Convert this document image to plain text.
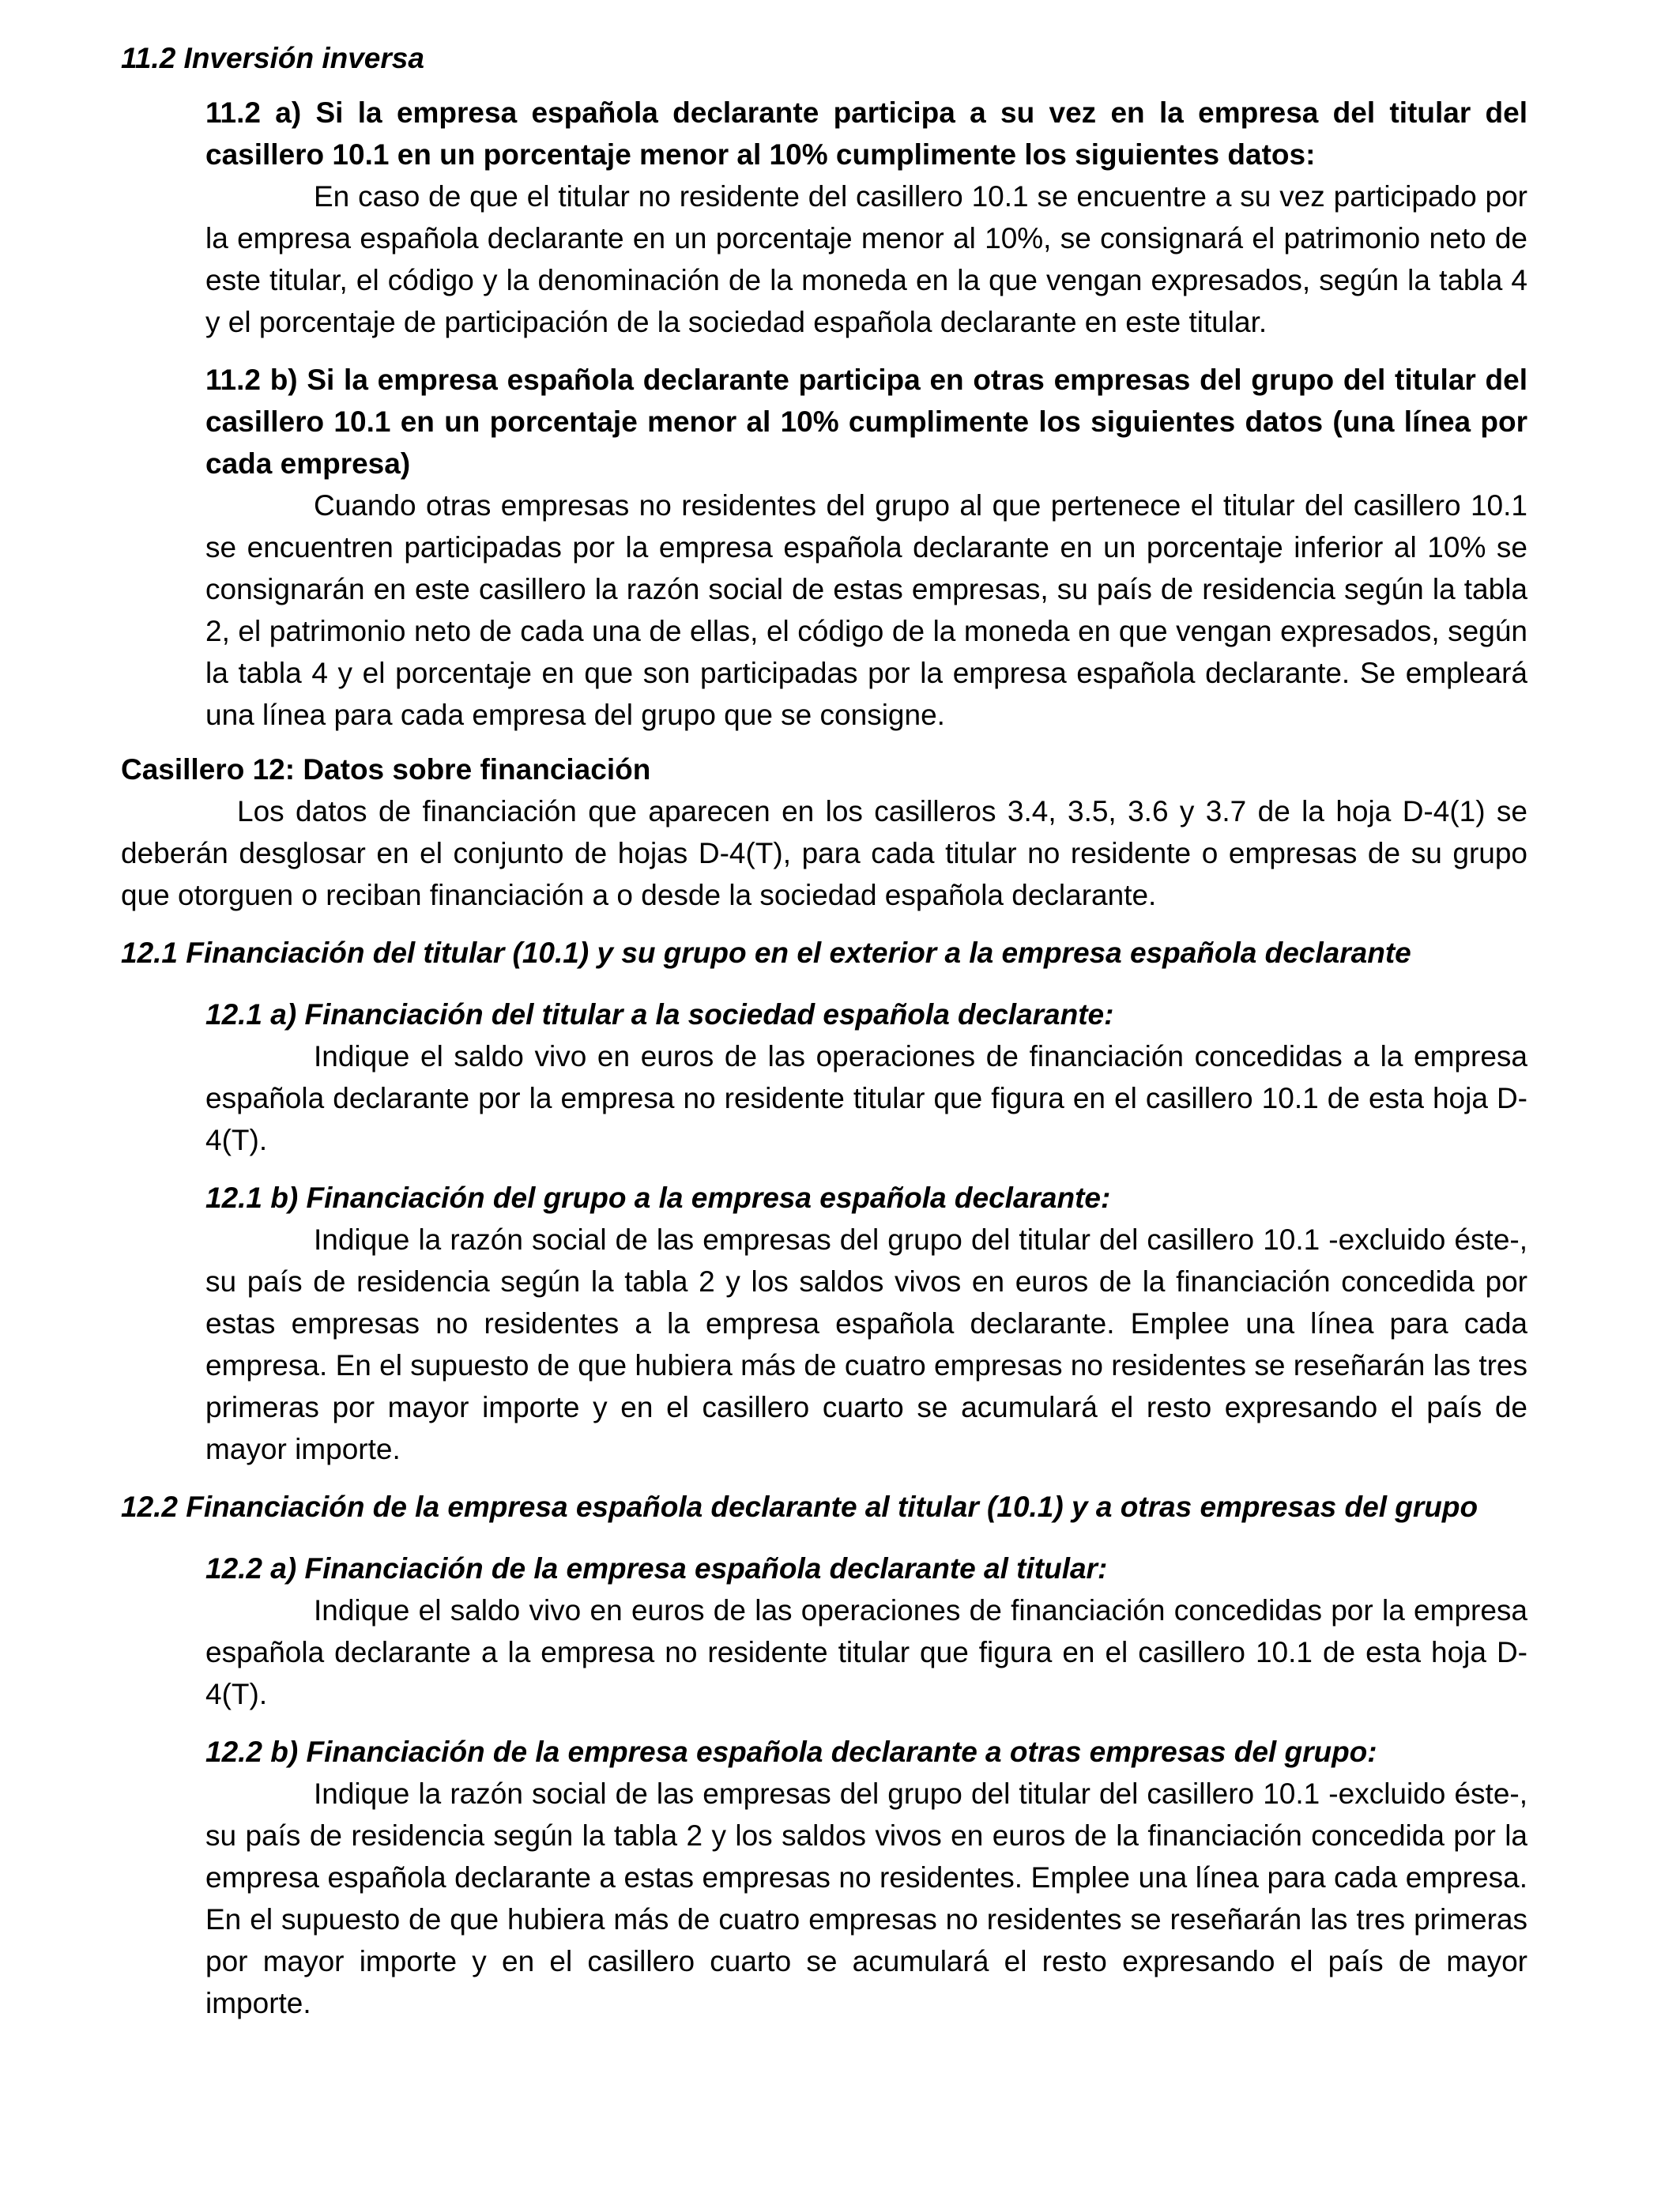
11.2 Inversión inversa

11.2 a) Si la empresa española declarante participa a su vez en la empresa del titular del casillero 10.1 en un porcentaje menor al 10% cumplimente los siguientes datos:

En caso de que el titular no residente del casillero 10.1 se encuentre a su vez participado por la empresa española declarante en un porcentaje menor al 10%, se consignará el patrimonio neto de este titular, el código y la denominación de la moneda en la que vengan expresados, según la tabla 4 y el porcentaje de participación de la sociedad española declarante en este titular.

11.2 b) Si la empresa española declarante participa en otras empresas del grupo del titular del casillero 10.1 en un porcentaje menor al 10% cumplimente los siguientes datos (una línea por cada empresa)

Cuando otras empresas no residentes del grupo al que pertenece el titular del casillero 10.1 se encuentren participadas por la empresa española declarante en un porcentaje inferior al 10% se consignarán en este casillero la razón social de estas empresas, su país de residencia según la tabla 2, el patrimonio neto de cada una de ellas, el código de la moneda en que vengan expresados, según la tabla 4 y el porcentaje en que son participadas por la empresa española declarante. Se empleará una línea para cada empresa del grupo que se consigne.

Casillero 12: Datos sobre financiación

Los datos de financiación que aparecen en los casilleros 3.4, 3.5, 3.6 y 3.7 de la hoja D-4(1) se deberán desglosar en el conjunto de hojas D-4(T), para cada titular no residente o empresas de su grupo que otorguen o reciban financiación a o desde la sociedad española declarante.

12.1 Financiación del titular (10.1) y su grupo en el exterior a la empresa española declarante

12.1 a) Financiación del titular a la sociedad española declarante:

Indique el saldo vivo en euros de las operaciones de financiación concedidas a la empresa española declarante por la empresa no residente titular que figura en el casillero 10.1 de esta hoja D-4(T).

12.1 b) Financiación del grupo a la empresa española declarante:

Indique la razón social de las empresas del grupo del titular del casillero 10.1 -excluido éste-, su país de residencia según la tabla 2 y los saldos vivos en euros de la financiación concedida por estas empresas no residentes a la empresa española declarante. Emplee una línea para cada empresa. En el supuesto de que hubiera más de cuatro empresas no residentes se reseñarán las tres primeras por mayor importe y en el casillero cuarto se acumulará el resto expresando el país de mayor importe.

12.2 Financiación de la empresa española declarante al titular (10.1) y a otras empresas del grupo

12.2 a) Financiación de la empresa española declarante al titular:

Indique el saldo vivo en euros de las operaciones de financiación concedidas por la empresa española declarante a la empresa no residente titular que figura en el casillero 10.1 de esta hoja D-4(T).

12.2 b) Financiación de la empresa española declarante a otras empresas del grupo:

Indique la razón social de las empresas del grupo del titular del casillero 10.1 -excluido éste-, su país de residencia según la tabla 2 y los saldos vivos en euros de la financiación concedida por la empresa española declarante a estas empresas no residentes. Emplee una línea para cada empresa. En el supuesto de que hubiera más de cuatro empresas no residentes se reseñarán las tres primeras por mayor importe y en el casillero cuarto se acumulará el resto expresando el país de mayor importe.
